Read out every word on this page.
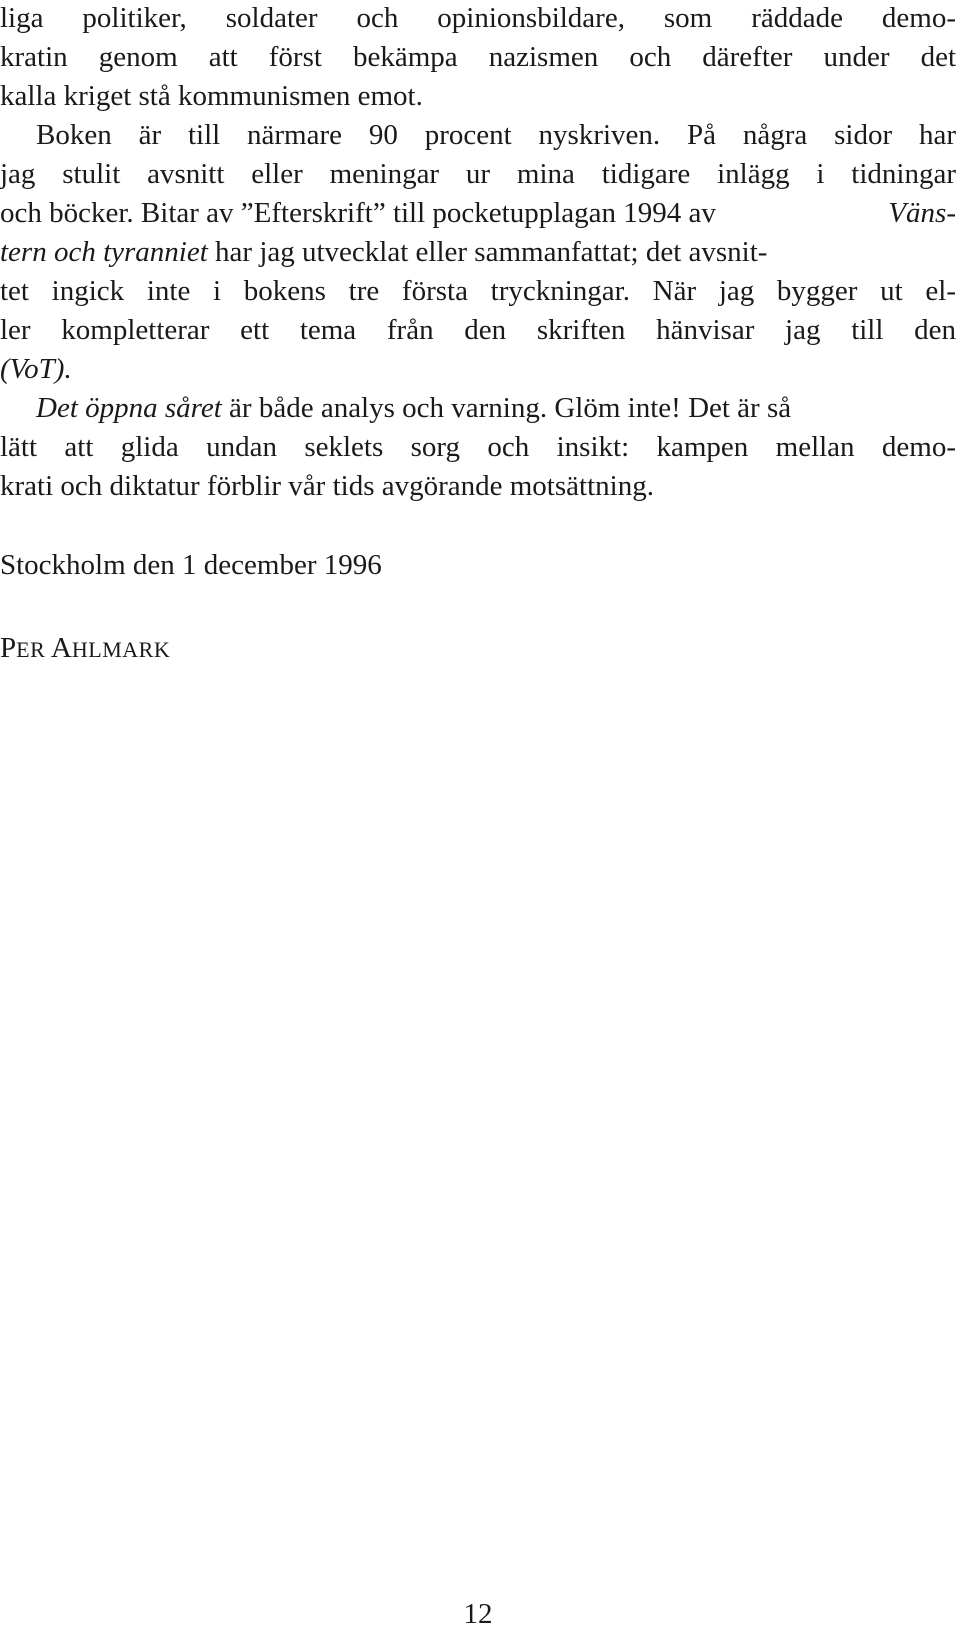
liga politiker, soldater och opinionsbildare, som räddade demo-
kratin genom att först bekämpa nazismen och därefter under det
kalla kriget stå kommunismen emot.
Boken är till närmare 90 procent nyskriven. På några sidor har
jag stulit avsnitt eller meningar ur mina tidigare inlägg i tidningar
och böcker. Bitar av ”Efterskrift” till pocketupplagan 1994 av	Väns-
tern och tyranniet har jag utvecklat eller sammanfattat; det avsnit-
tet ingick inte i bokens tre första tryckningar. När jag bygger ut el-
ler kompletterar ett tema från den skriften hänvisar jag till den
(VoT).
Det öppna såret är både analys och varning. Glöm inte! Det är så
lätt att glida undan seklets sorg och insikt: kampen mellan demo-
krati och diktatur förblir vår tids avgörande motsättning.
Stockholm den 1 december 1996
PER AHLMARK
12
